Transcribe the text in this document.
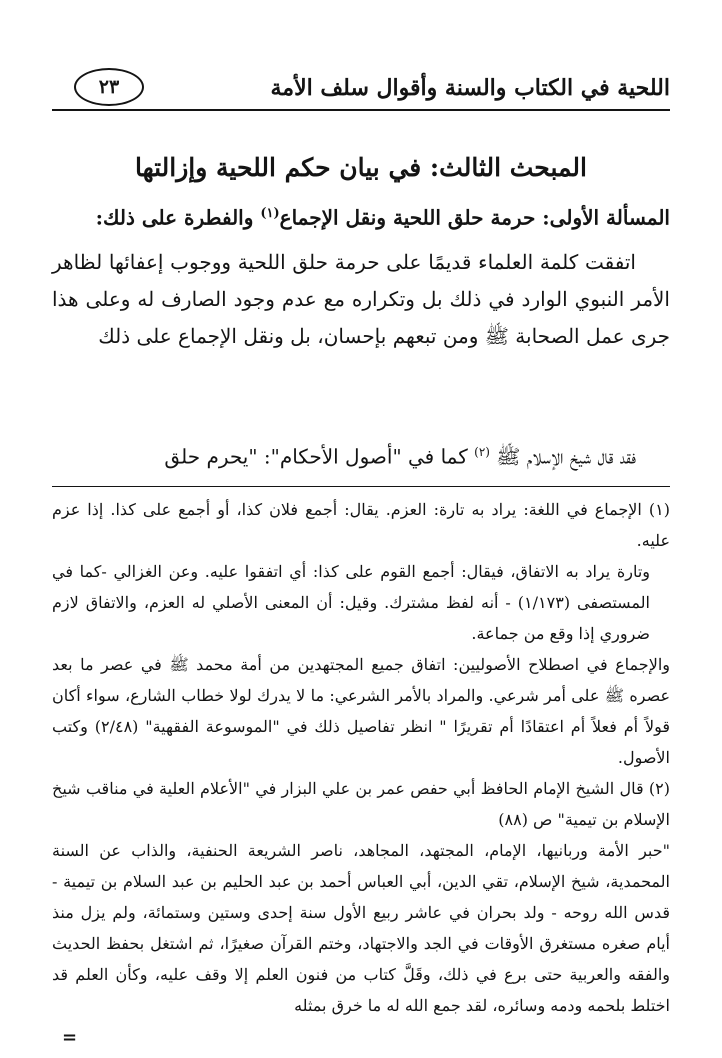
٢٣	اللحية في الكتاب والسنة وأقوال سلف الأمة
المبحث الثالث: في بيان حكم اللحية وإزالتها
المسألة الأولى: حرمة حلق اللحية ونقل الإجماع$^{(١)}$ والفطرة على ذلك:

اتفقت كلمة العلماء قديمًا على حرمة حلق اللحية ووجوب إعفائها لظاهر الأمر النبوي الوارد في ذلك بل وتكراره مع عدم وجود الصارف له وعلى هذا جرى عمل الصحابة ﷺ ومن تبعهم بإحسان، بل ونقل الإجماع على ذلك

فقد قال شيخ الإسلام ﷺ $^{(٢)}$ كما في "أصول الأحكام": "يحرم حلق

(١) الإجماع في اللغة: يراد به تارة: العزم. يقال: أجمع فلان كذا، أو أجمع على كذا. إذا عزم عليه.

وتارة يراد به الاتفاق، فيقال: أجمع القوم على كذا: أي اتفقوا عليه. وعن الغزالي -كما في المستصفى (١/١٧٣) - أنه لفظ مشترك. وقيل: أن المعنى الأصلي له العزم، والاتفاق لازم ضروري إذا وقع من جماعة.

والإجماع في اصطلاح الأصوليين: اتفاق جميع المجتهدين من أمة محمد ﷺ في عصر ما بعد عصره ﷺ على أمر شرعي. والمراد بالأمر الشرعي: ما لا يدرك لولا خطاب الشارع، سواء أكان قولاً أم فعلاً أم اعتقادًا أم تقريرًا " انظر تفاصيل ذلك في "الموسوعة الفقهية" (٢/٤٨) وكتب الأصول.

(٢) قال الشيخ الإمام الحافظ أبي حفص عمر بن علي البزار في "الأعلام العلية في مناقب شيخ الإسلام بن تيمية" ص (٨٨)

"حبر الأمة وربانيها، الإمام، المجتهد، المجاهد، ناصر الشريعة الحنفية، والذاب عن السنة المحمدية، شيخ الإسلام، تقي الدين، أبي العباس أحمد بن عبد الحليم بن عبد السلام بن تيمية - قدس الله روحه - ولد بحران في عاشر ربيع الأول سنة إحدى وستين وستمائة، ولم يزل منذ أيام صغره مستغرق الأوقات في الجد والاجتهاد، وختم القرآن صغيرًا، ثم اشتغل بحفظ الحديث والفقه والعربية حتى برع في ذلك، وقَلَّ كتاب من فنون العلم إلا وقف عليه، وكأن العلم قد اختلط بلحمه ودمه وسائره، لقد جمع الله له ما خرق بمثله

=
